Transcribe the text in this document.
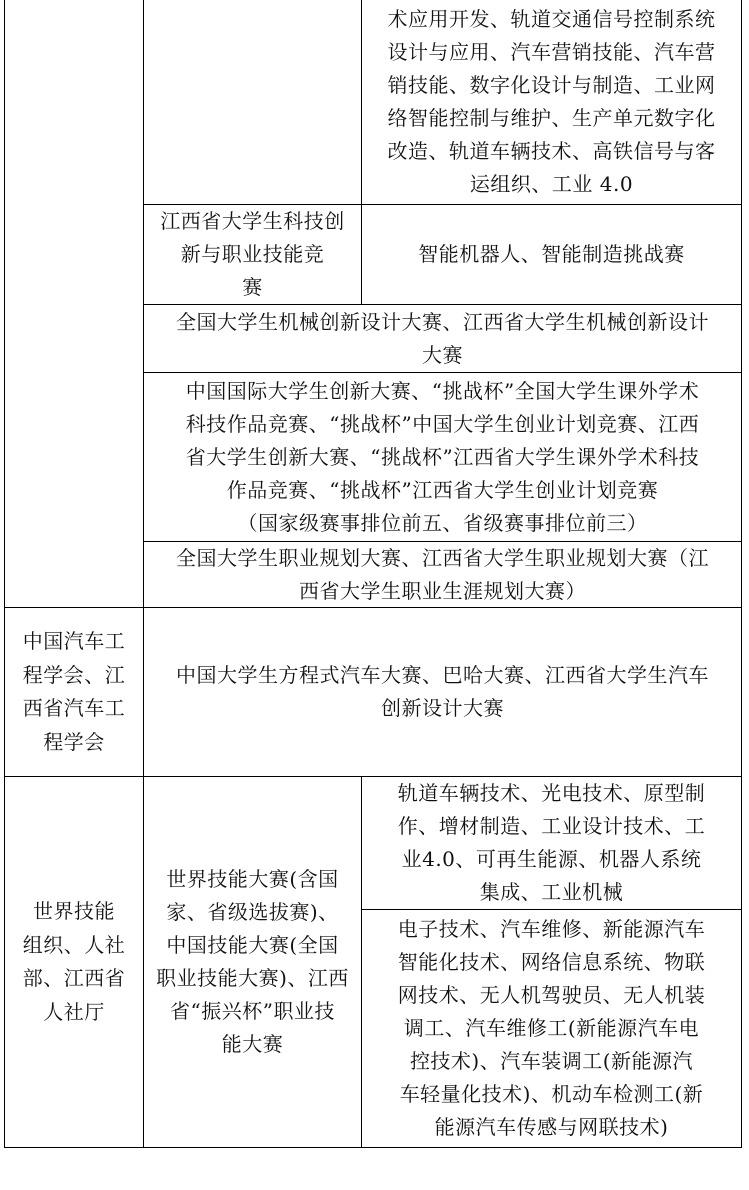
术应用开发、轨道交通信号控制系统
设计与应用、汽车营销技能、汽车营
销技能、数字化设计与制造、工业网
络智能控制与维护、生产单元数字化
改造、轨道车辆技术、高铁信号与客
运组织、工业 4.0
江西省大学生科技创
新与职业技能竞
赛
智能机器人、智能制造挑战赛
全国大学生机械创新设计大赛、江西省大学生机械创新设计
大赛
中国国际大学生创新大赛、“挑战杯”全国大学生课外学术
科技作品竞赛、“挑战杯”中国大学生创业计划竞赛、江西
省大学生创新大赛、“挑战杯”江西省大学生课外学术科技
作品竞赛、“挑战杯”江西省大学生创业计划竞赛
（国家级赛事排位前五、省级赛事排位前三）
全国大学生职业规划大赛、江西省大学生职业规划大赛（江
西省大学生职业生涯规划大赛）
中国汽车工
程学会、江
西省汽车工
程学会
中国大学生方程式汽车大赛、巴哈大赛、江西省大学生汽车
创新设计大赛
世界技能
组织、人社
部、江西省
人社厅
世界技能大赛(含国
家、省级选拔赛)、
中国技能大赛(全国
职业技能大赛)、江西
省“振兴杯”职业技
能大赛
轨道车辆技术、光电技术、原型制
作、增材制造、工业设计技术、工
业4.0、可再生能源、机器人系统
集成、工业机械
电子技术、汽车维修、新能源汽车
智能化技术、网络信息系统、物联
网技术、无人机驾驶员、无人机装
调工、汽车维修工(新能源汽车电
控技术)、汽车装调工(新能源汽
车轻量化技术)、机动车检测工(新
能源汽车传感与网联技术)
